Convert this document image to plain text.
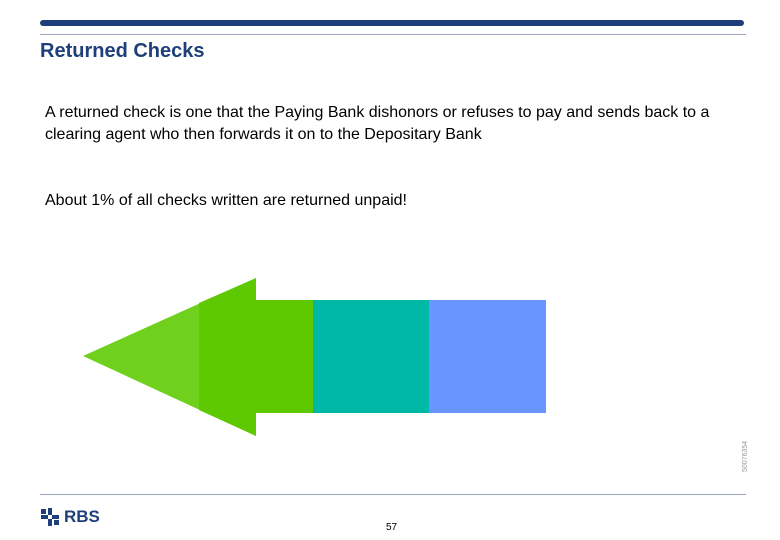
Returned Checks

A returned check is one that the Paying Bank dishonors or refuses to pay and sends back to a clearing agent who then forwards it on to the Depositary Bank

About 1% of all checks written are returned unpaid!

50076354
RBS
57
